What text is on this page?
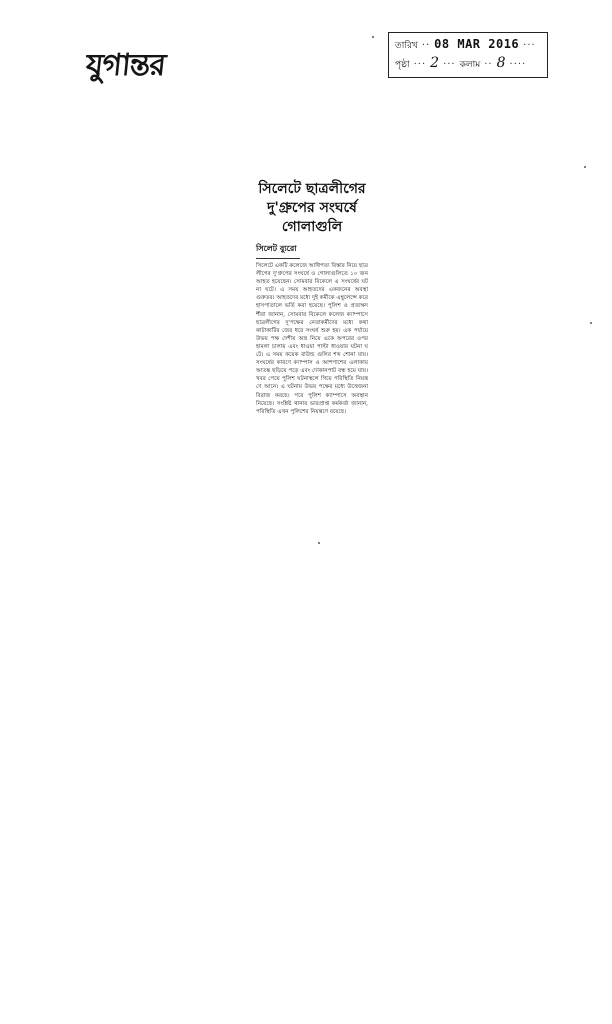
যুগান্তর
তারিখ ·· 08 MAR 2016 ···
পৃষ্ঠা ··· 2 ··· কলাম ·· 8 ····
সিলেটে ছাত্রলীগের দু'গ্রুপের সংঘর্ষে গোলাগুলি
সিলেট ব্যুরো

সিলেটে একটি কলেজে আধিপত্য বিস্তার নিয়ে ছাত্রলীগের দু'গ্রুপের সংঘর্ষে ও গোলাগুলিতে ১০ জন আহত হয়েছেন। সোমবার বিকেলে এ সংঘর্ষের ঘটনা ঘটে। এ সময় আহতদের একজনের অবস্থা গুরুতর। আহতদের মধ্যে দুই কর্মীকে এম্বুলেন্সে করে হাসপাতালে ভর্তি করা হয়েছে। পুলিশ ও প্রত্যক্ষদর্শীরা জানান, সোমবার বিকেলে কলেজ ক্যাম্পাসে ছাত্রলীগের দু'পক্ষের নেতাকর্মীদের মধ্যে কথা কাটাকাটির জের ধরে সংঘর্ষ শুরু হয়। এক পর্যায়ে উভয় পক্ষ দেশীয় অস্ত্র নিয়ে একে অপরের ওপর হামলা চালায় এবং ধাওয়া পাল্টা ধাওয়ার ঘটনা ঘটে। এ সময় কয়েক রাউন্ড গুলির শব্দ শোনা যায়। সংঘর্ষের কারণে ক্যাম্পাস ও আশপাশের এলাকায় আতঙ্ক ছড়িয়ে পড়ে এবং দোকানপাট বন্ধ হয়ে যায়। খবর পেয়ে পুলিশ ঘটনাস্থলে গিয়ে পরিস্থিতি নিয়ন্ত্রণে আনে। এ ঘটনায় উভয় পক্ষের মধ্যে উত্তেজনা বিরাজ করছে। পরে পুলিশ ক্যাম্পাসে অবস্থান নিয়েছে। সংশ্লিষ্ট থানার ভারপ্রাপ্ত কর্মকর্তা জানান, পরিস্থিতি এখন পুলিশের নিয়ন্ত্রণে রয়েছে।
